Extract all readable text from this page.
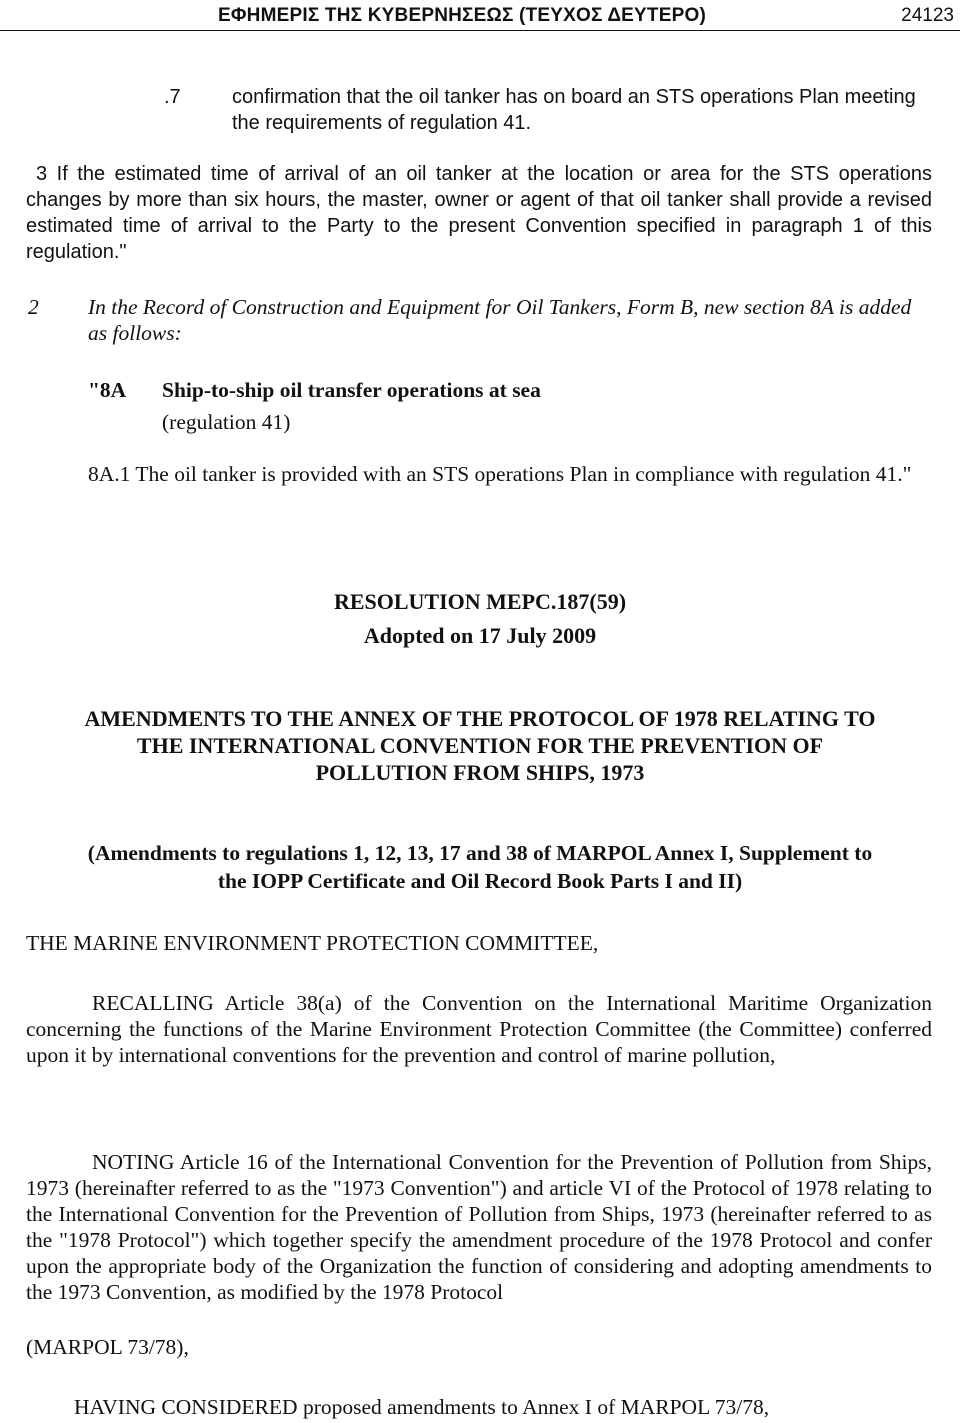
ΕΦΗΜΕΡΙΣ ΤΗΣ ΚΥΒΕΡΝΗΣΕΩΣ (ΤΕΥΧΟΣ ΔΕΥΤΕΡΟ)	24123
.7	confirmation that the oil tanker has on board an STS operations Plan meeting the requirements of regulation 41.
3 If the estimated time of arrival of an oil tanker at the location or area for the STS operations changes by more than six hours, the master, owner or agent of that oil tanker shall provide a revised estimated time of arrival to the Party to the present Convention specified in paragraph 1 of this regulation."
2	In the Record of Construction and Equipment for Oil Tankers, Form B, new section 8A is added as follows:
"8A Ship-to-ship oil transfer operations at sea
(regulation 41)
8A.1 The oil tanker is provided with an STS operations Plan in compliance with regulation 41."
RESOLUTION MEPC.187(59)
Adopted on 17 July 2009
AMENDMENTS TO THE ANNEX OF THE PROTOCOL OF 1978 RELATING TO
THE INTERNATIONAL CONVENTION FOR THE PREVENTION OF
POLLUTION FROM SHIPS, 1973
(Amendments to regulations 1, 12, 13, 17 and 38 of MARPOL Annex I, Supplement to
the IOPP Certificate and Oil Record Book Parts I and II)
THE MARINE ENVIRONMENT PROTECTION COMMITTEE,
RECALLING Article 38(a) of the Convention on the International Maritime Organization concerning the functions of the Marine Environment Protection Committee (the Committee) conferred upon it by international conventions for the prevention and control of marine pollution,
NOTING Article 16 of the International Convention for the Prevention of Pollution from Ships, 1973 (hereinafter referred to as the "1973 Convention") and article VI of the Protocol of 1978 relating to the International Convention for the Prevention of Pollution from Ships, 1973 (hereinafter referred to as the "1978 Protocol") which together specify the amendment procedure of the 1978 Protocol and confer upon the appropriate body of the Organization the function of considering and adopting amendments to the 1973 Convention, as modified by the 1978 Protocol
(MARPOL 73/78),
HAVING CONSIDERED proposed amendments to Annex I of MARPOL 73/78,
